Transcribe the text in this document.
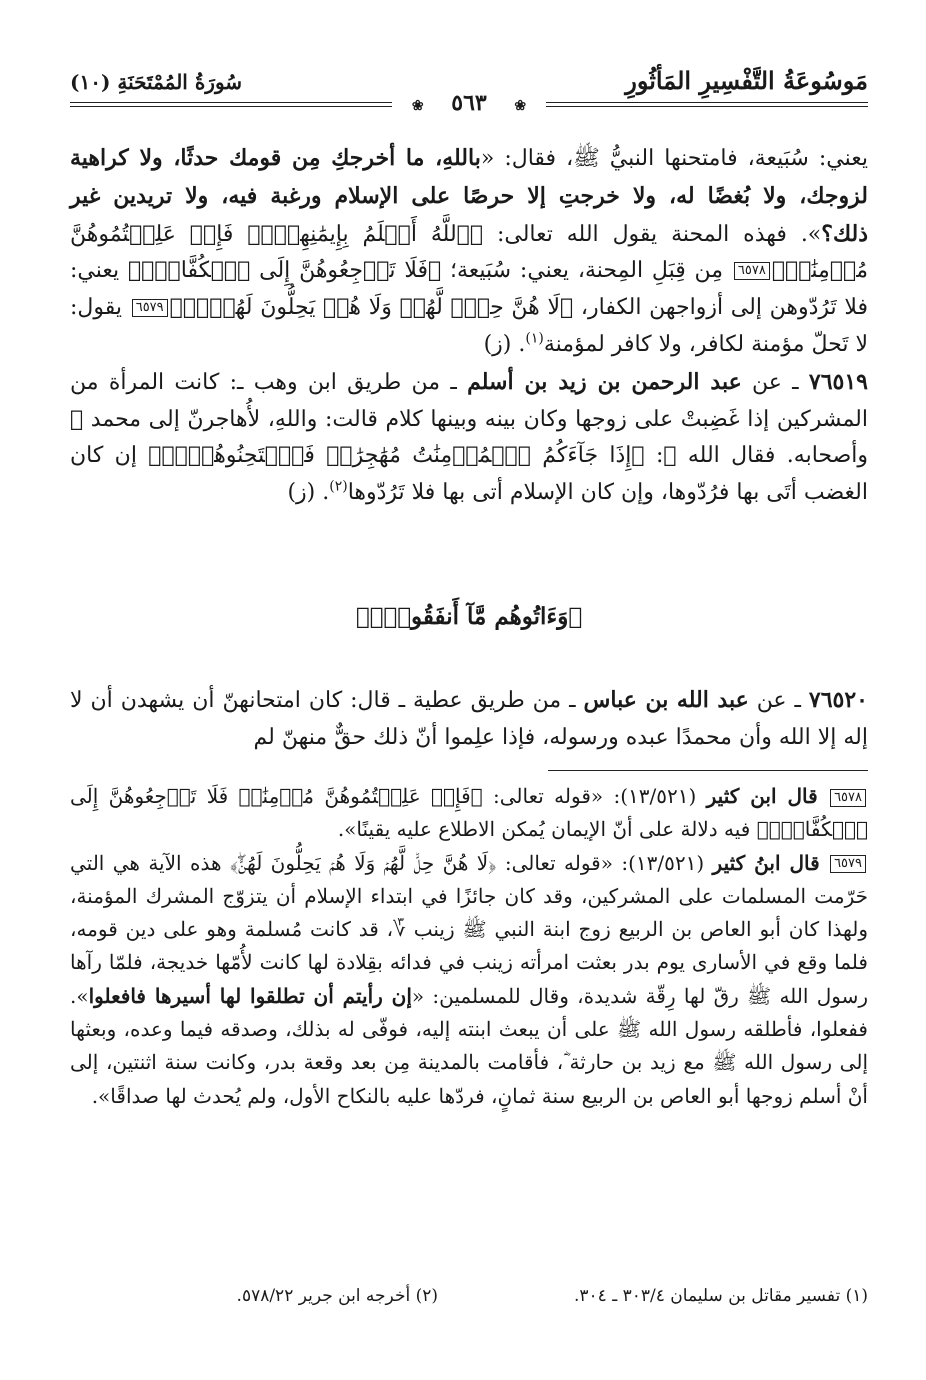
مَوسُوعَةُ التَّفْسِيرِ المَأثُورِ
سُورَةُ المُمْتَحَنَةِ (١٠)
❀ ٥٦٣ ❀

يعني: سُبَيعة، فامتحنها النبيُّ ﷺ، فقال: «باللهِ، ما أخرجكِ مِن قومك حدثًا، ولا كراهية لزوجك، ولا بُغضًا له، ولا خرجتِ إلا حرصًا على الإسلام ورغبة فيه، ولا تريدين غير ذلك؟». فهذه المحنة يقول الله تعالى: ﴿ٱللَّهُ أَعۡلَمُ بِإِيمَٰنِهِنَّۖ فَإِنۡ عَلِمۡتُمُوهُنَّ مُؤۡمِنَٰتٖ﴾٦٥٧٨ مِن قِبَلِ المِحنة، يعني: سُبَيعة؛ ﴿فَلَا تَرۡجِعُوهُنَّ إِلَى ٱلۡكُفَّارِۖ﴾ يعني: فلا تَرُدّوهن إلى أزواجهن الكفار، ﴿لَا هُنَّ حِلّٞ لَّهُمۡ وَلَا هُمۡ يَحِلُّونَ لَهُنَّۖ﴾٦٥٧٩ يقول: لا تَحلّ مؤمنة لكافر، ولا كافر لمؤمنة$^{(١)}$. (ز)

٧٦٥١٩ ـ عن عبد الرحمن بن زيد بن أسلم ـ من طريق ابن وهب ـ: كانت المرأة من المشركين إذا غَضِبتْ على زوجها وكان بينه وبينها كلام قالت: واللهِ، لأُهاجرنّ إلى محمد ﷺ وأصحابه. فقال الله ﷻ: ﴿إِذَا جَآءَكُمُ ٱلۡمُؤۡمِنَٰتُ مُهَٰجِرَٰتٖ فَٱمۡتَحِنُوهُنَّۖ﴾ إن كان الغضب أتَى بها فرُدّوها، وإن كان الإسلام أتى بها فلا تَرُدّوها$^{(٢)}$. (ز)

﴿وَءَاتُوهُم مَّآ أَنفَقُواْۚ﴾

٧٦٥٢٠ ـ عن عبد الله بن عباس ـ من طريق عطية ـ قال: كان امتحانهنّ أن يشهدن أن لا إله إلا الله وأن محمدًا عبده ورسوله، فإذا علِموا أنّ ذلك حقٌّ منهنّ لم

٦٥٧٨ قال ابن كثير (١٣/٥٢١): «قوله تعالى: ﴿فَإِنۡ عَلِمۡتُمُوهُنَّ مُؤۡمِنَٰتٖ فَلَا تَرۡجِعُوهُنَّ إِلَى ٱلۡكُفَّارِۖ﴾ فيه دلالة على أنّ الإيمان يُمكن الاطلاع عليه يقينًا».

٦٥٧٩ قال ابنُ كثير (١٣/٥٢١): «قوله تعالى: ﴿لَا هُنَّ حِلّٞ لَّهُمۡ وَلَا هُمۡ يَحِلُّونَ لَهُنَّۖ﴾ هذه الآية هي التي حَرّمت المسلمات على المشركين، وقد كان جائزًا في ابتداء الإسلام أن يتزوّج المشرك المؤمنة، ولهذا كان أبو العاص بن الربيع زوج ابنة النبي ﷺ زينب ؆، قد كانت مُسلمة وهو على دين قومه، فلما وقع في الأسارى يوم بدر بعثت امرأته زينب في فدائه بقِلادة لها كانت لأُمّها خديجة، فلمّا رآها رسول الله ﷺ رقّ لها رِقّة شديدة، وقال للمسلمين: «إن رأيتم أن تطلقوا لها أسيرها فافعلوا». ففعلوا، فأطلقه رسول الله ﷺ على أن يبعث ابنته إليه، فوفّى له بذلك، وصدقه فيما وعده، وبعثها إلى رسول الله ﷺ مع زيد بن حارثة ؓ، فأقامت بالمدينة مِن بعد وقعة بدر، وكانت سنة اثنتين، إلى أنْ أسلم زوجها أبو العاص بن الربيع سنة ثمانٍ، فردّها عليه بالنكاح الأول، ولم يُحدث لها صداقًا».

(١) تفسير مقاتل بن سليمان ٣٠٣/٤ ـ ٣٠٤.
(٢) أخرجه ابن جرير ٥٧٨/٢٢.
